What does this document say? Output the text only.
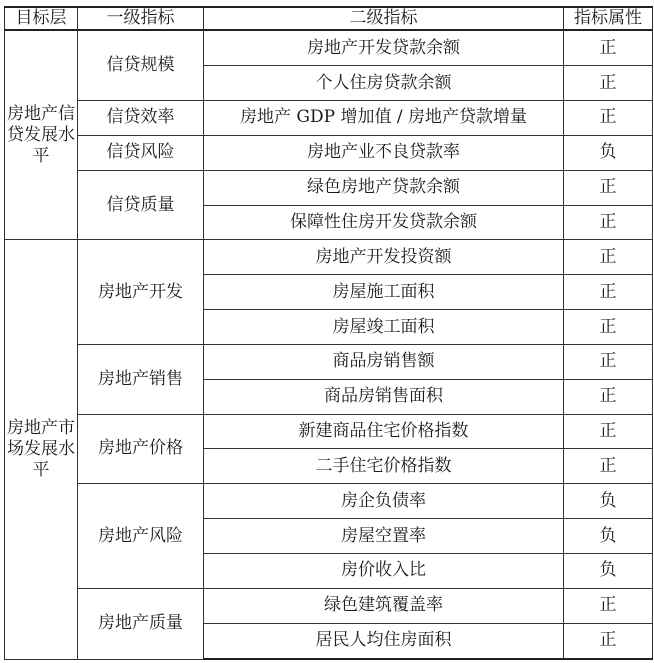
目标层	一级指标	二级指标	指标属性
房地产信贷发展水平	信贷规模	房地产开发贷款余额	正
		个人住房贷款余额	正
	信贷效率	房地产 GDP 增加值 / 房地产贷款增量	正
	信贷风险	房地产业不良贷款率	负
	信贷质量	绿色房地产贷款余额	正
		保障性住房开发贷款余额	正
房地产市场发展水平	房地产开发	房地产开发投资额	正
		房屋施工面积	正
		房屋竣工面积	正
	房地产销售	商品房销售额	正
		商品房销售面积	正
	房地产价格	新建商品住宅价格指数	正
		二手住宅价格指数	正
	房地产风险	房企负债率	负
		房屋空置率	负
		房价收入比	负
	房地产质量	绿色建筑覆盖率	正
		居民人均住房面积	正
